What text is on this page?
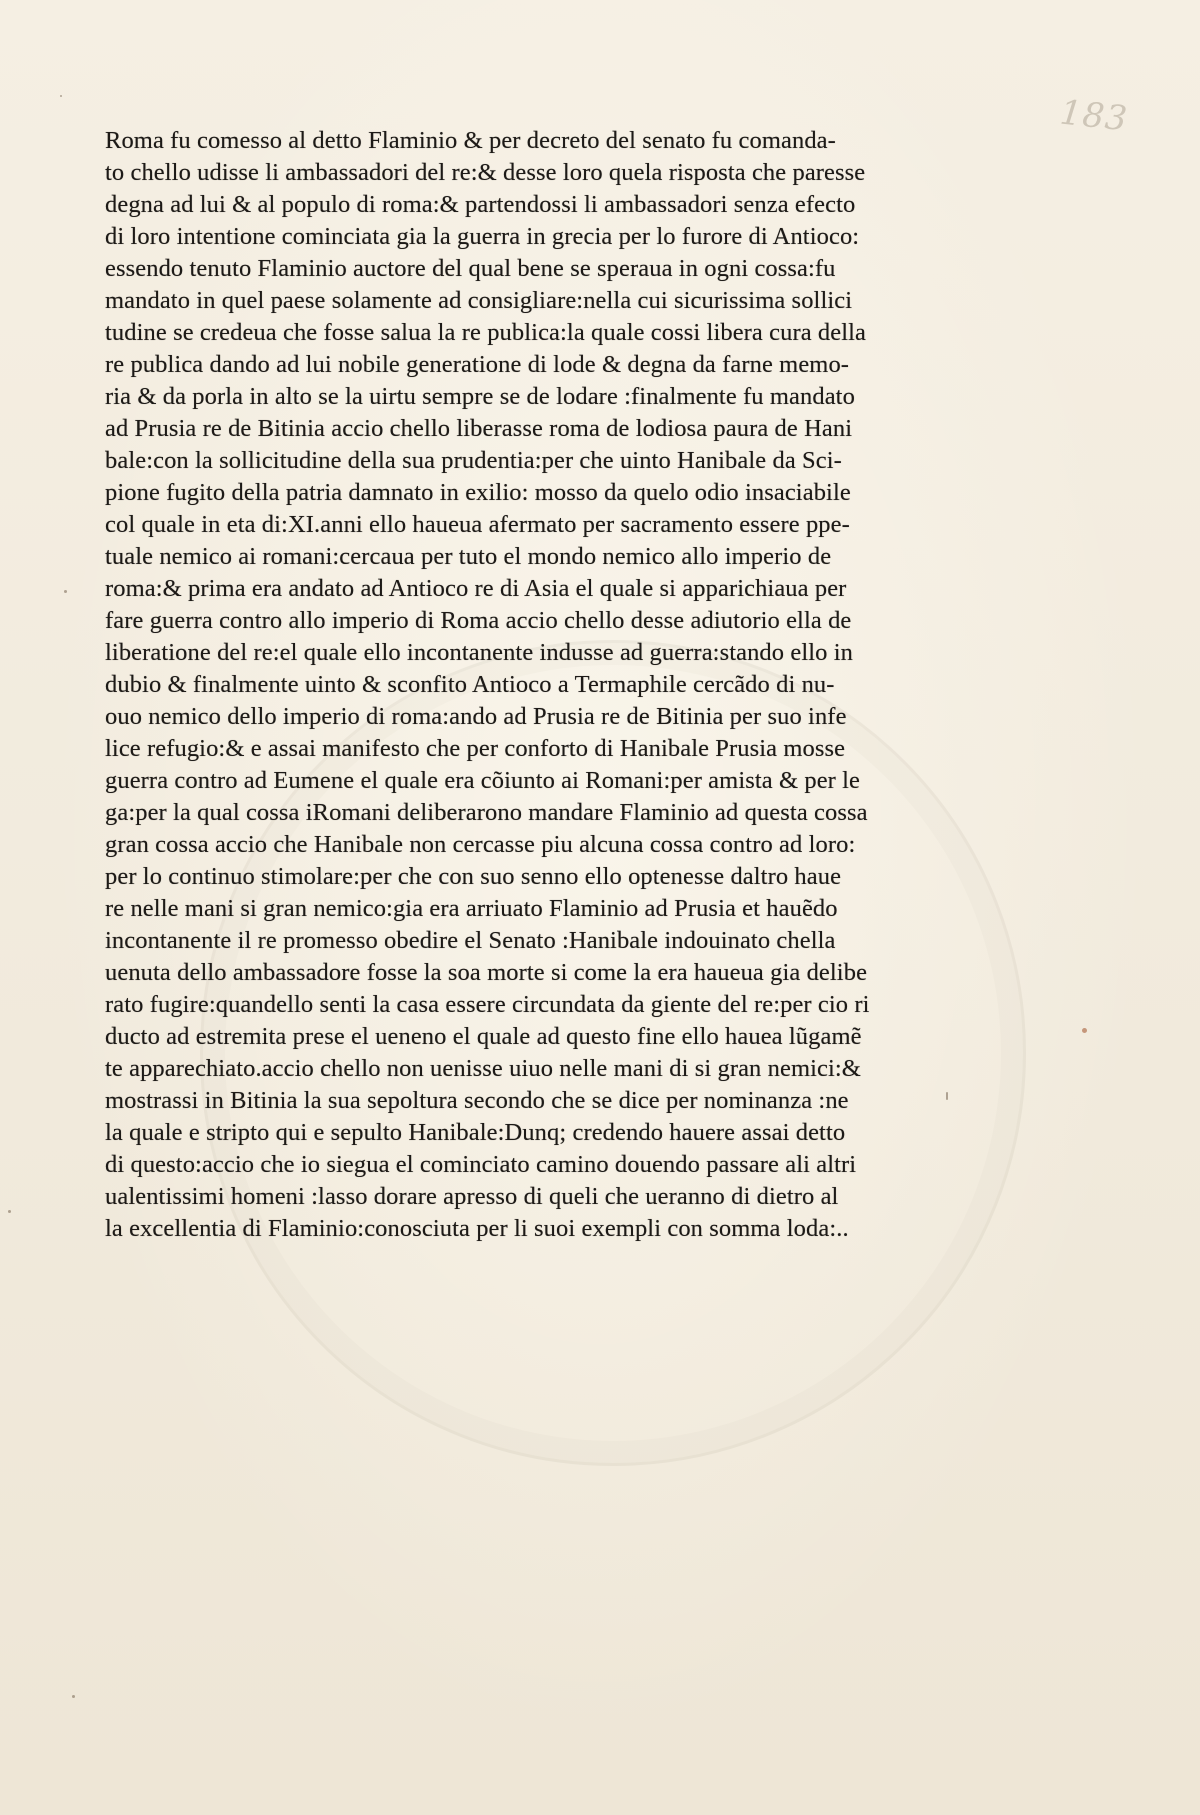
183
Roma fu comesso al detto Flaminio & per decreto del senato fu comanda-
to chello udisse li ambassadori del re:& desse loro quela risposta che paresse
degna ad lui & al populo di roma:& partendossi li ambassadori senza efecto
di loro intentione cominciata gia la guerra in grecia per lo furore di Antioco:
essendo tenuto Flaminio auctore del qual bene se speraua in ogni cossa:fu
mandato in quel paese solamente ad consigliare:nella cui sicurissima sollici
tudine se credeua che fosse salua la re publica:la quale cossi libera cura della
re publica dando ad lui nobile generatione di lode & degna da farne memo-
ria & da porla in alto se la uirtu sempre se de lodare :finalmente fu mandato
ad Prusia re de Bitinia accio chello liberasse roma de lodiosa paura de Hani
bale:con la sollicitudine della sua prudentia:per che uinto Hanibale da Sci-
pione fugito della patria damnato in exilio: mosso da quelo odio insaciabile
col quale in eta di:XI.anni ello haueua afermato per sacramento essere ppe-
tuale nemico ai romani:cercaua per tuto el mondo nemico allo imperio de
roma:& prima era andato ad Antioco re di Asia el quale si apparichiaua per
fare guerra contro allo imperio di Roma accio chello desse adiutorio ella de
liberatione del re:el quale ello incontanente indusse ad guerra:stando ello in
dubio & finalmente uinto & sconfito Antioco a Termaphile cercãdo di nu-
ouo nemico dello imperio di roma:ando ad Prusia re de Bitinia per suo infe
lice refugio:& e assai manifesto che per conforto di Hanibale Prusia mosse
guerra contro ad Eumene el quale era cõiunto ai Romani:per amista & per le
ga:per la qual cossa iRomani deliberarono mandare Flaminio ad questa cossa
gran cossa accio che Hanibale non cercasse piu alcuna cossa contro ad loro:
per lo continuo stimolare:per che con suo senno ello optenesse daltro haue
re nelle mani si gran nemico:gia era arriuato Flaminio ad Prusia et hauẽdo
incontanente il re promesso obedire el Senato :Hanibale indouinato chella
uenuta dello ambassadore fosse la soa morte si come la era haueua gia delibe
rato fugire:quandello senti la casa essere circundata da giente del re:per cio ri
ducto ad estremita prese el ueneno el quale ad questo fine ello hauea lũgamẽ
te apparechiato.accio chello non uenisse uiuo nelle mani di si gran nemici:&
mostrassi in Bitinia la sua sepoltura secondo che se dice per nominanza :ne
la quale e stripto qui e sepulto Hanibale:Dunq; credendo hauere assai detto
di questo:accio che io siegua el cominciato camino douendo passare ali altri
ualentissimi homeni :lasso dorare apresso di queli che ueranno di dietro al
la excellentia di Flaminio:conosciuta per li suoi exempli con somma loda:..
